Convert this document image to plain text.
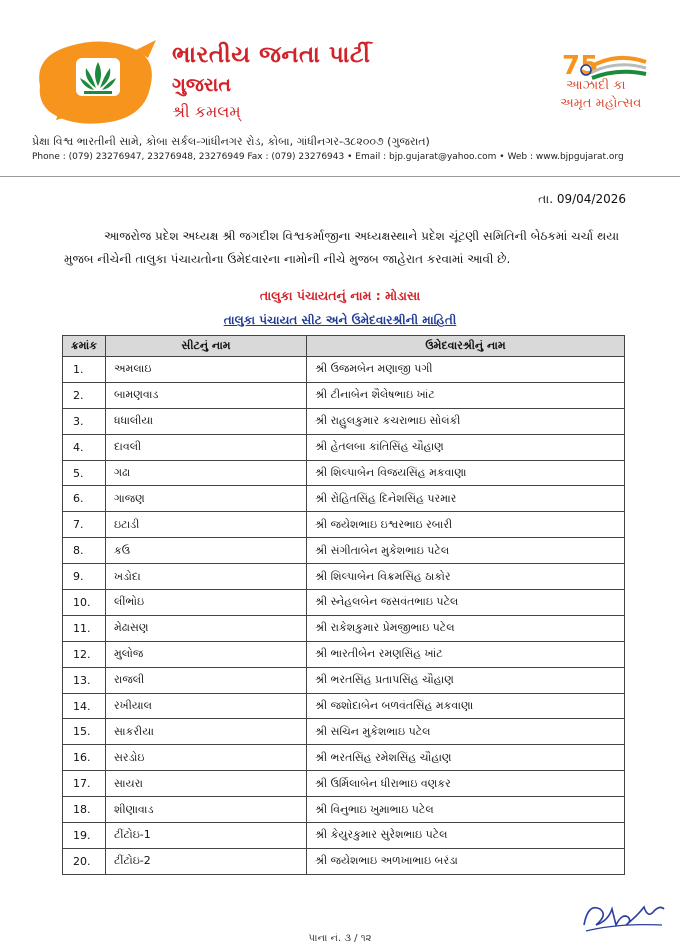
ભારતીય જનતા પાર્ટી
ગુજરાત
શ્રી કમલમ્
75
આઝાદી કા
અમૃત મહોત્સવ
પ્રેક્ષા વિશ્વ ભારતીની સામે, કોબા સર્કલ-ગાંધીનગર રોડ, કોબા, ગાંધીનગર-૩૮૨૦૦૭ (ગુજરાત)
Phone : (079) 23276947, 23276948, 23276949 Fax : (079) 23276943 • Email : bjp.gujarat@yahoo.com • Web : www.bjpgujarat.org
તા. 09/04/2026
આજરોજ પ્રદેશ અધ્યક્ષ શ્રી જગદીશ વિશ્વકર્માજીના અધ્યક્ષસ્થાને પ્રદેશ ચૂંટણી સમિતિની બેઠકમાં ચર્ચા થયા મુજબ નીચેની તાલુકા પંચાયતોના ઉમેદવારના નામોની નીચે મુજબ જાહેરાત કરવામાં આવી છે.
તાલુકા પંચાયતનું નામ : મોડાસા
તાલુકા પંચાયત સીટ અને ઉમેદવારશ્રીની માહિતી
ક્રમાંક	સીટનું નામ	ઉમેદવારશ્રીનું નામ
1.	અમલાઇ	શ્રી ઉજમબેન મણાજી પગી
2.	બામણવાડ	શ્રી ટીનાબેન શૈલેષભાઇ ખાંટ
3.	ધધાલીયા	શ્રી રાહુલકુમાર કચરાભાઇ સોલંકી
4.	દાવલી	શ્રી હેતલબા કાંતિસિંહ ચૌહાણ
5.	ગઢા	શ્રી શિલ્પાબેન વિજયસિંહ મકવાણા
6.	ગાજણ	શ્રી રોહિતસિંહ દિનેશસિંહ પરમાર
7.	ઇટાડી	શ્રી જયેશભાઇ ઇશ્વરભાઇ રબારી
8.	કઉ	શ્રી સંગીતાબેન મુકેશભાઇ પટેલ
9.	ખડોદા	શ્રી શિલ્પાબેન વિક્રમસિંહ ઠાકોર
10.	લીંભોઇ	શ્રી સ્નેહલબેન જસવંતભાઇ પટેલ
11.	મેઢાસણ	શ્રી રાકેશકુમાર પ્રેમજીભાઇ પટેલ
12.	મુલોજ	શ્રી ભારતીબેન રમણસિંહ ખાંટ
13.	રાજલી	શ્રી ભરતસિંહ પ્રતાપસિંહ ચૌહાણ
14.	રખીયાલ	શ્રી જશોદાબેન બળવંતસિંહ મકવાણા
15.	સાકરીયા	શ્રી સચિન મુકેશભાઇ પટેલ
16.	સરડોઇ	શ્રી ભરતસિંહ રમેશસિંહ ચૌહાણ
17.	સાયરા	શ્રી ઉર્મિલાબેન ધીરાભાઇ વણકર
18.	શીણાવાડ	શ્રી વિનુભાઇ ખુમાભાઇ પટેલ
19.	ટીંટોઇ-1	શ્રી કેયુરકુમાર સુરેશભાઇ પટેલ
20.	ટીંટોઇ-2	શ્રી જયેશભાઇ અળખાભાઇ બરંડા
પાના નં. ૩ / ૧૨
